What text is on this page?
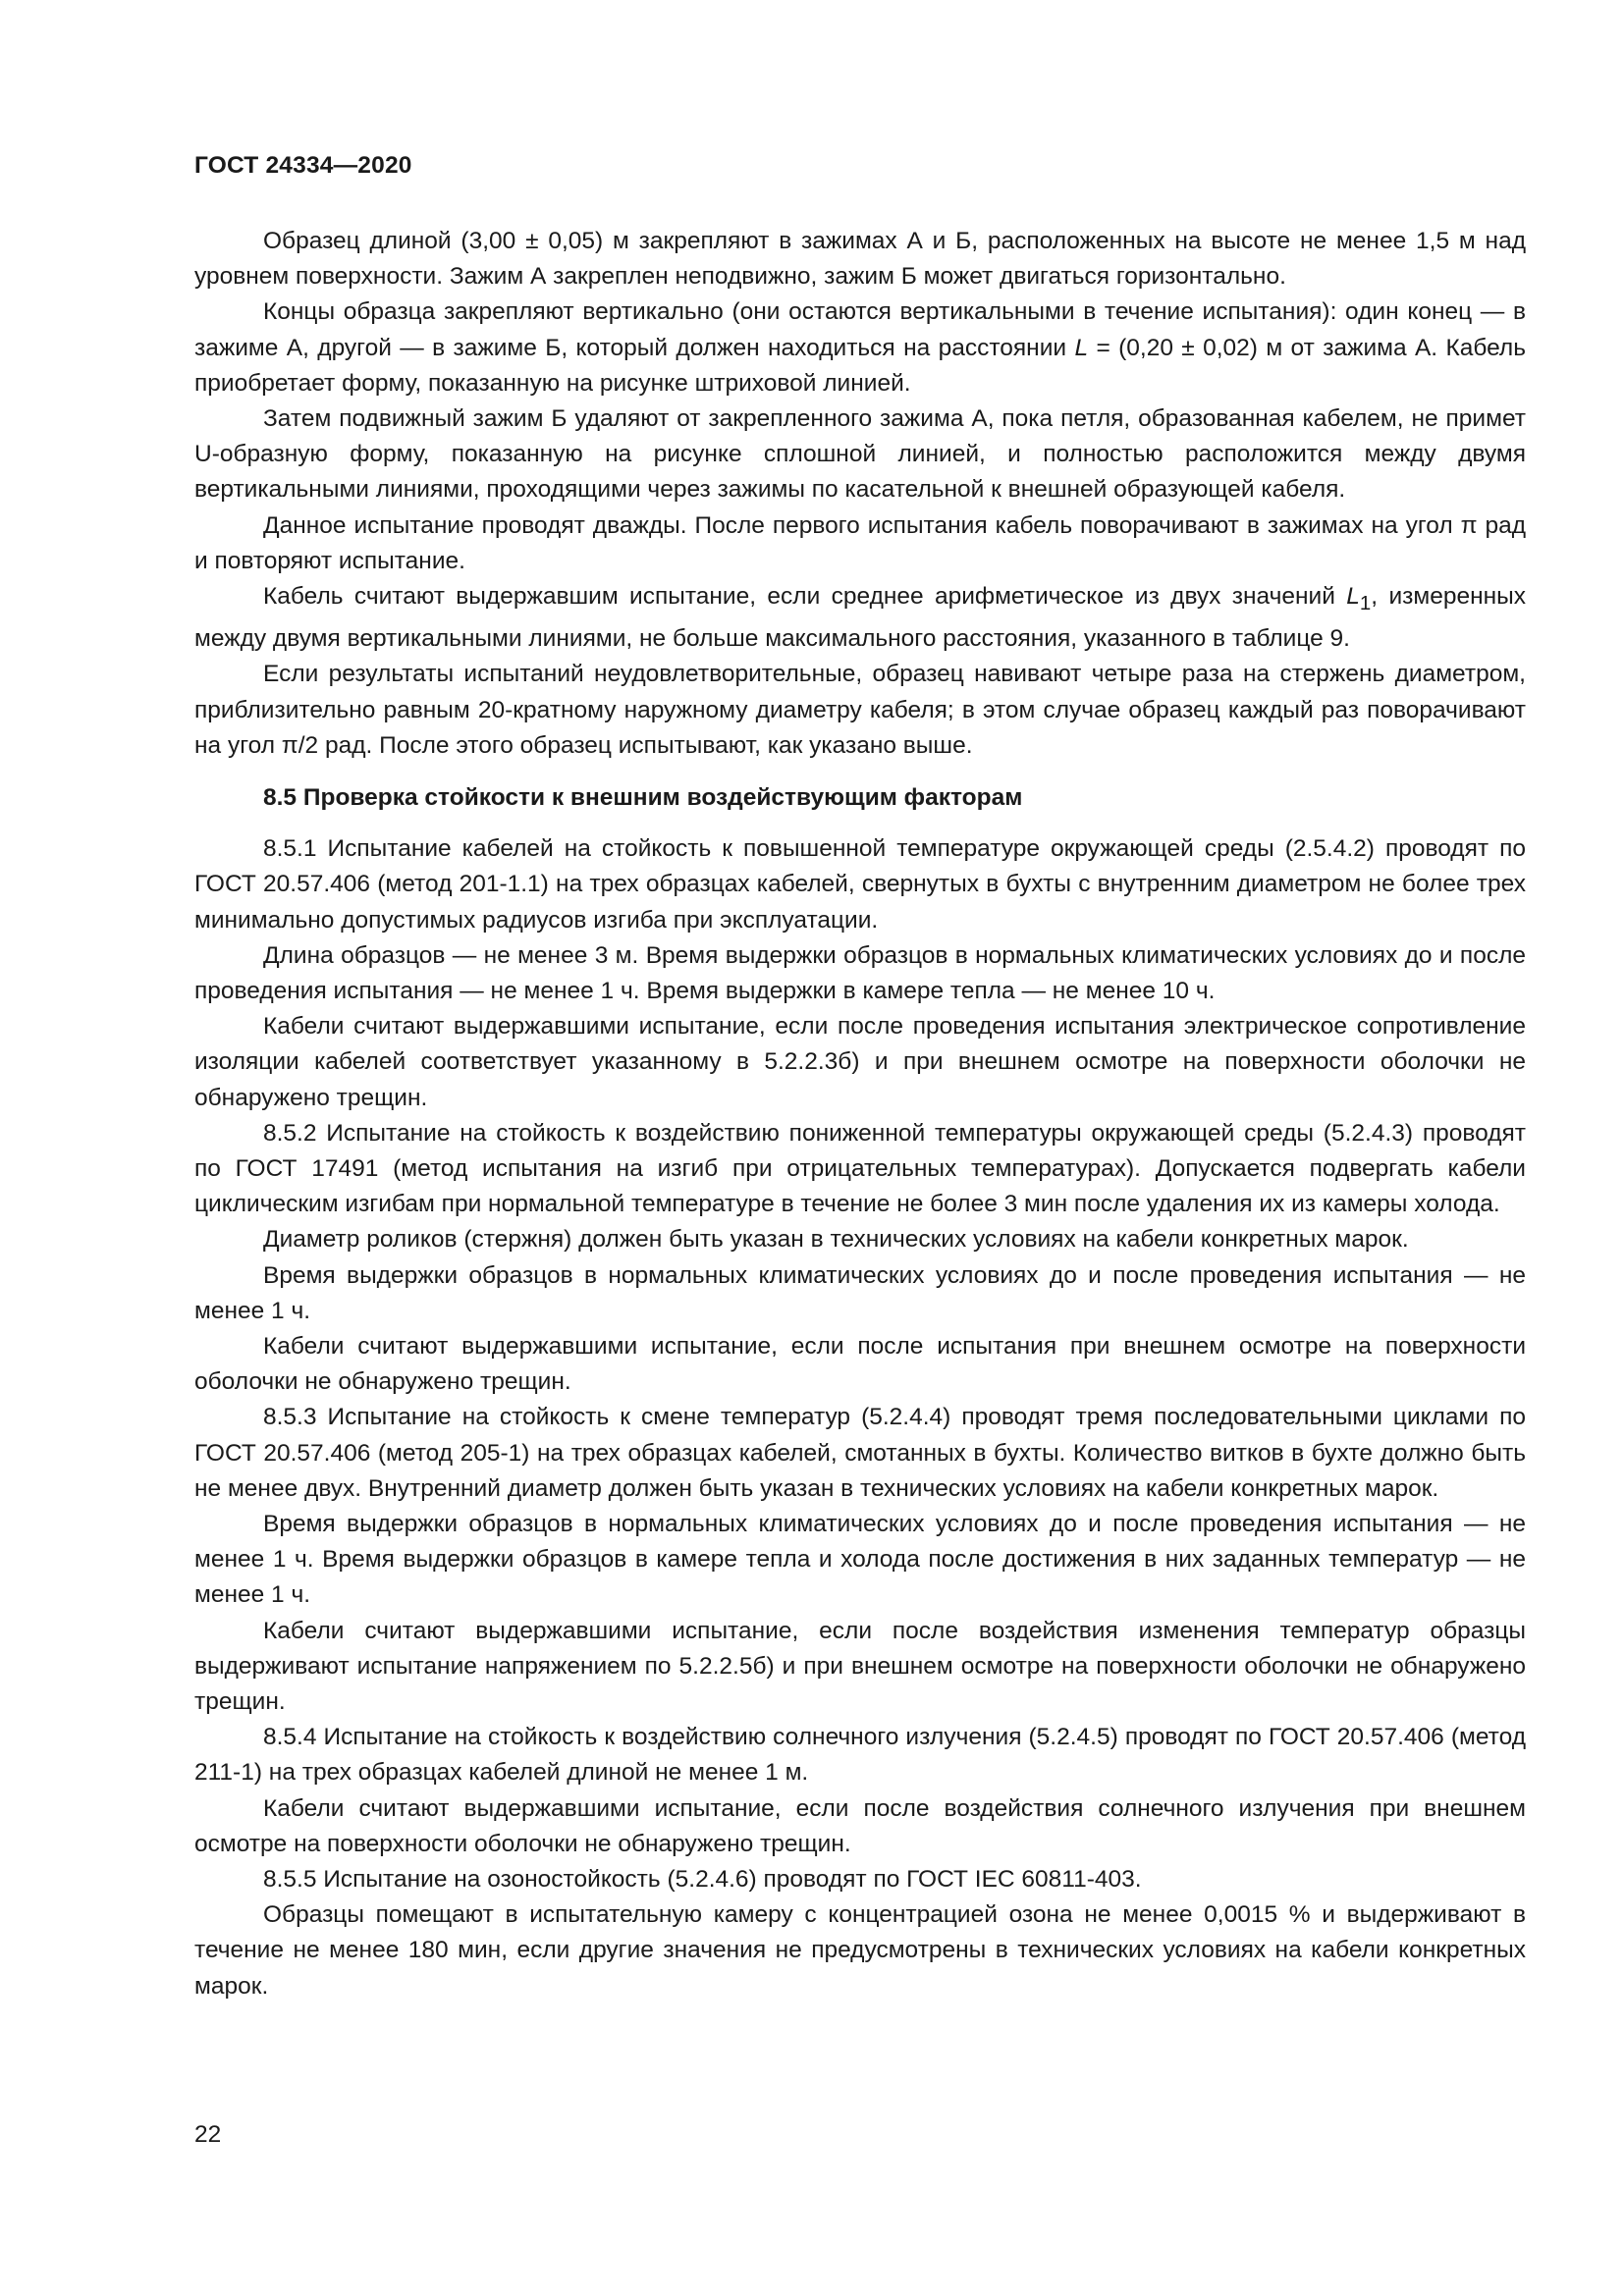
ГОСТ 24334—2020

Образец длиной (3,00 ± 0,05) м закрепляют в зажимах А и Б, расположенных на высоте не менее 1,5 м над уровнем поверхности. Зажим А закреплен неподвижно, зажим Б может двигаться горизонтально.

Концы образца закрепляют вертикально (они остаются вертикальными в течение испытания): один конец — в зажиме А, другой — в зажиме Б, который должен находиться на расстоянии L = (0,20 ± 0,02) м от зажима А. Кабель приобретает форму, показанную на рисунке штриховой линией.

Затем подвижный зажим Б удаляют от закрепленного зажима А, пока петля, образованная кабелем, не примет U-образную форму, показанную на рисунке сплошной линией, и полностью расположится между двумя вертикальными линиями, проходящими через зажимы по касательной к внешней образующей кабеля.

Данное испытание проводят дважды. После первого испытания кабель поворачивают в зажимах на угол π рад и повторяют испытание.

Кабель считают выдержавшим испытание, если среднее арифметическое из двух значений $L_1$, измеренных между двумя вертикальными линиями, не больше максимального расстояния, указанного в таблице 9.

Если результаты испытаний неудовлетворительные, образец навивают четыре раза на стержень диаметром, приблизительно равным 20-кратному наружному диаметру кабеля; в этом случае образец каждый раз поворачивают на угол π/2 рад. После этого образец испытывают, как указано выше.

8.5 Проверка стойкости к внешним воздействующим факторам

8.5.1 Испытание кабелей на стойкость к повышенной температуре окружающей среды (2.5.4.2) проводят по ГОСТ 20.57.406 (метод 201-1.1) на трех образцах кабелей, свернутых в бухты с внутренним диаметром не более трех минимально допустимых радиусов изгиба при эксплуатации.

Длина образцов — не менее 3 м. Время выдержки образцов в нормальных климатических условиях до и после проведения испытания — не менее 1 ч. Время выдержки в камере тепла — не менее 10 ч.

Кабели считают выдержавшими испытание, если после проведения испытания электрическое сопротивление изоляции кабелей соответствует указанному в 5.2.2.3б) и при внешнем осмотре на поверхности оболочки не обнаружено трещин.

8.5.2 Испытание на стойкость к воздействию пониженной температуры окружающей среды (5.2.4.3) проводят по ГОСТ 17491 (метод испытания на изгиб при отрицательных температурах). Допускается подвергать кабели циклическим изгибам при нормальной температуре в течение не более 3 мин после удаления их из камеры холода.

Диаметр роликов (стержня) должен быть указан в технических условиях на кабели конкретных марок.

Время выдержки образцов в нормальных климатических условиях до и после проведения испытания — не менее 1 ч.

Кабели считают выдержавшими испытание, если после испытания при внешнем осмотре на поверхности оболочки не обнаружено трещин.

8.5.3 Испытание на стойкость к смене температур (5.2.4.4) проводят тремя последовательными циклами по ГОСТ 20.57.406 (метод 205-1) на трех образцах кабелей, смотанных в бухты. Количество витков в бухте должно быть не менее двух. Внутренний диаметр должен быть указан в технических условиях на кабели конкретных марок.

Время выдержки образцов в нормальных климатических условиях до и после проведения испытания — не менее 1 ч. Время выдержки образцов в камере тепла и холода после достижения в них заданных температур — не менее 1 ч.

Кабели считают выдержавшими испытание, если после воздействия изменения температур образцы выдерживают испытание напряжением по 5.2.2.5б) и при внешнем осмотре на поверхности оболочки не обнаружено трещин.

8.5.4 Испытание на стойкость к воздействию солнечного излучения (5.2.4.5) проводят по ГОСТ 20.57.406 (метод 211-1) на трех образцах кабелей длиной не менее 1 м.

Кабели считают выдержавшими испытание, если после воздействия солнечного излучения при внешнем осмотре на поверхности оболочки не обнаружено трещин.

8.5.5 Испытание на озоностойкость (5.2.4.6) проводят по ГОСТ IEC 60811-403.

Образцы помещают в испытательную камеру с концентрацией озона не менее 0,0015 % и выдерживают в течение не менее 180 мин, если другие значения не предусмотрены в технических условиях на кабели конкретных марок.

22
